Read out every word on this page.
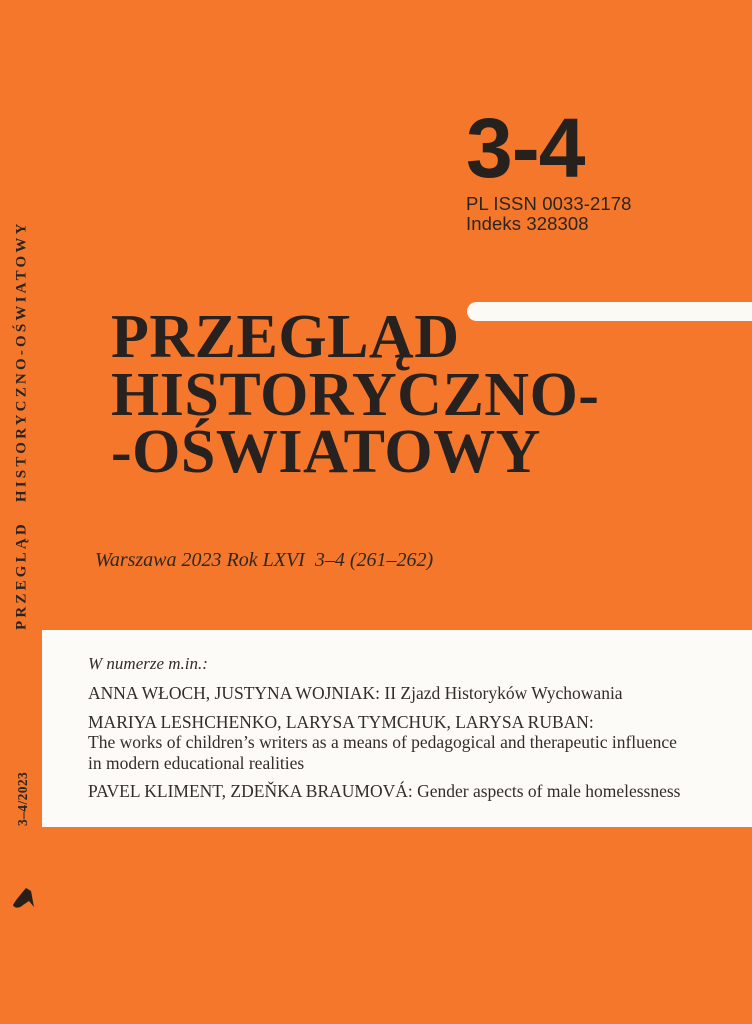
PRZEGLĄD HISTORYCZNO-OŚWIATOWY
3–4/2023
3-4
PL ISSN 0033-2178
Indeks 328308
PRZEGLĄD
HISTORYCZNO-
-OŚWIATOWY
Warszawa 2023 Rok LXVI  3–4 (261–262)

W numerze m.in.:

ANNA WŁOCH, JUSTYNA WOJNIAK: II Zjazd Historyków Wychowania

MARIYA LESHCHENKO, LARYSA TYMCHUK, LARYSA RUBAN:
The works of children’s writers as a means of pedagogical and therapeutic influence
in modern educational realities

PAVEL KLIMENT, ZDEŇKA BRAUMOVÁ: Gender aspects of male homelessness
